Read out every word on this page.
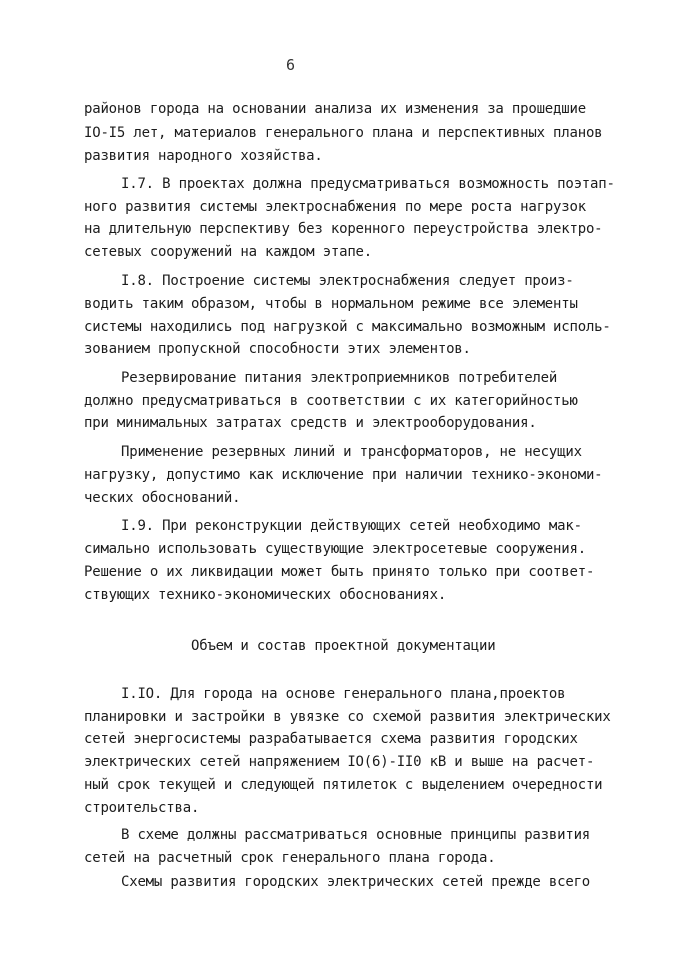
6
районов города на основании анализа их изменения за прошедшие
IO-I5 лет, материалов генерального плана и перспективных планов
развития народного хозяйства.
I.7. В проектах должна предусматриваться возможность поэтап-
ного развития системы электроснабжения по мере роста нагрузок
на длительную перспективу без коренного переустройства электро-
сетевых сооружений на каждом этапе.
I.8. Построение системы электроснабжения следует произ-
водить таким образом, чтобы в нормальном режиме все элементы
системы находились под нагрузкой с максимально возможным исполь-
зованием пропускной способности этих элементов.
Резервирование питания электроприемников потребителей
должно предусматриваться в соответствии с их категорийностью
при минимальных затратах средств и электрооборудования.
Применение резервных линий и трансформаторов, не несущих
нагрузку, допустимо как исключение при наличии технико-экономи-
ческих обоснований.
I.9. При реконструкции действующих сетей необходимо мак-
симально использовать существующие электросетевые сооружения.
Решение о их ликвидации может быть принято только при соответ-
ствующих технико-экономических обоснованиях.
Объем и состав проектной документации
I.IO. Для города на основе генерального плана,проектов
планировки и застройки в увязке со схемой развития электрических
сетей энергосистемы разрабатывается схема развития городских
электрических сетей напряжением IO(6)-II0 кВ и выше на расчет-
ный срок текущей и следующей пятилеток с выделением очередности
строительства.
В схеме должны рассматриваться основные принципы развития
сетей на расчетный срок генерального плана города.
Схемы развития городских электрических сетей прежде всего
